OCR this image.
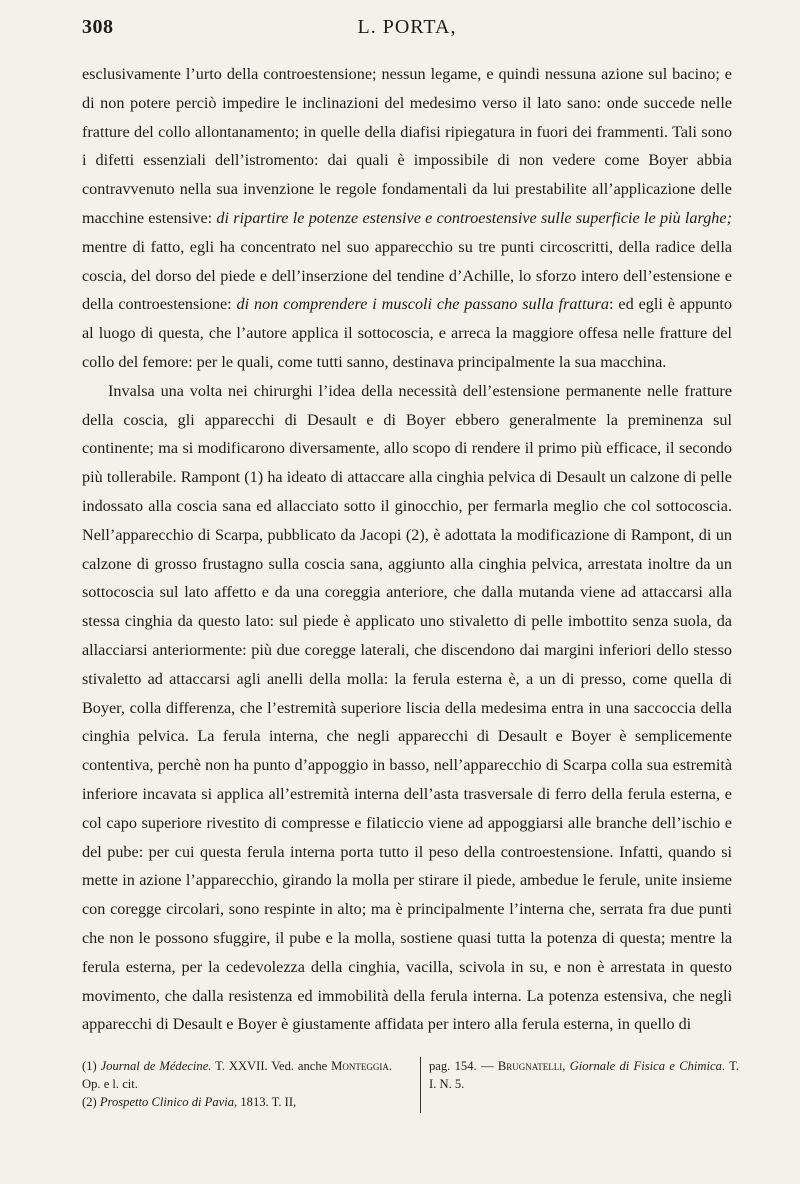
308	L. PORTA,

esclusivamente l’urto della controestensione; nessun legame, e quindi nessuna azione sul bacino; e di non potere perciò impedire le inclinazioni del medesimo verso il lato sano: onde succede nelle fratture del collo allontanamento; in quelle della diafisi ripiegatura in fuori dei frammenti. Tali sono i difetti essenziali dell’istromento: dai quali è impossibile di non vedere come Boyer abbia contravvenuto nella sua invenzione le regole fondamentali da lui prestabilite all’applicazione delle macchine estensive: di ripartire le potenze estensive e controestensive sulle superficie le più larghe; mentre di fatto, egli ha concentrato nel suo apparecchio su tre punti circoscritti, della radice della coscia, del dorso del piede e dell’inserzione del tendine d’Achille, lo sforzo intero dell’estensione e della controestensione: di non comprendere i muscoli che passano sulla frattura: ed egli è appunto al luogo di questa, che l’autore applica il sottocoscia, e arreca la maggiore offesa nelle fratture del collo del femore: per le quali, come tutti sanno, destinava principalmente la sua macchina.

Invalsa una volta nei chirurghi l’idea della necessità dell’estensione permanente nelle fratture della coscia, gli apparecchi di Desault e di Boyer ebbero generalmente la preminenza sul continente; ma si modificarono diversamente, allo scopo di rendere il primo più efficace, il secondo più tollerabile. Rampont (1) ha ideato di attaccare alla cinghia pelvica di Desault un calzone di pelle indossato alla coscia sana ed allacciato sotto il ginocchio, per fermarla meglio che col sottocoscia. Nell’apparecchio di Scarpa, pubblicato da Jacopi (2), è adottata la modificazione di Rampont, di un calzone di grosso frustagno sulla coscia sana, aggiunto alla cinghia pelvica, arrestata inoltre da un sottocoscia sul lato affetto e da una coreggia anteriore, che dalla mutanda viene ad attaccarsi alla stessa cinghia da questo lato: sul piede è applicato uno stivaletto di pelle imbottito senza suola, da allacciarsi anteriormente: più due coregge laterali, che discendono dai margini inferiori dello stesso stivaletto ad attaccarsi agli anelli della molla: la ferula esterna è, a un di presso, come quella di Boyer, colla differenza, che l’estremità superiore liscia della medesima entra in una saccoccia della cinghia pelvica. La ferula interna, che negli apparecchi di Desault e Boyer è semplicemente contentiva, perchè non ha punto d’appoggio in basso, nell’apparecchio di Scarpa colla sua estremità inferiore incavata si applica all’estremità interna dell’asta trasversale di ferro della ferula esterna, e col capo superiore rivestito di compresse e filaticcio viene ad appoggiarsi alle branche dell’ischio e del pube: per cui questa ferula interna porta tutto il peso della controestensione. Infatti, quando si mette in azione l’apparecchio, girando la molla per stirare il piede, ambedue le ferule, unite insieme con coregge circolari, sono respinte in alto; ma è principalmente l’interna che, serrata fra due punti che non le possono sfuggire, il pube e la molla, sostiene quasi tutta la potenza di questa; mentre la ferula esterna, per la cedevolezza della cinghia, vacilla, scivola in su, e non è arrestata in questo movimento, che dalla resistenza ed immobilità della ferula interna. La potenza estensiva, che negli apparecchi di Desault e Boyer è giustamente affidata per intero alla ferula esterna, in quello di

(1) Journal de Médecine. T. XXVII. Ved. anche Monteggia. Op. e l. cit.

(2) Prospetto Clinico di Pavia, 1813. T. II,

pag. 154. — Brugnatelli, Giornale di Fisica e Chimica. T. I. N. 5.
